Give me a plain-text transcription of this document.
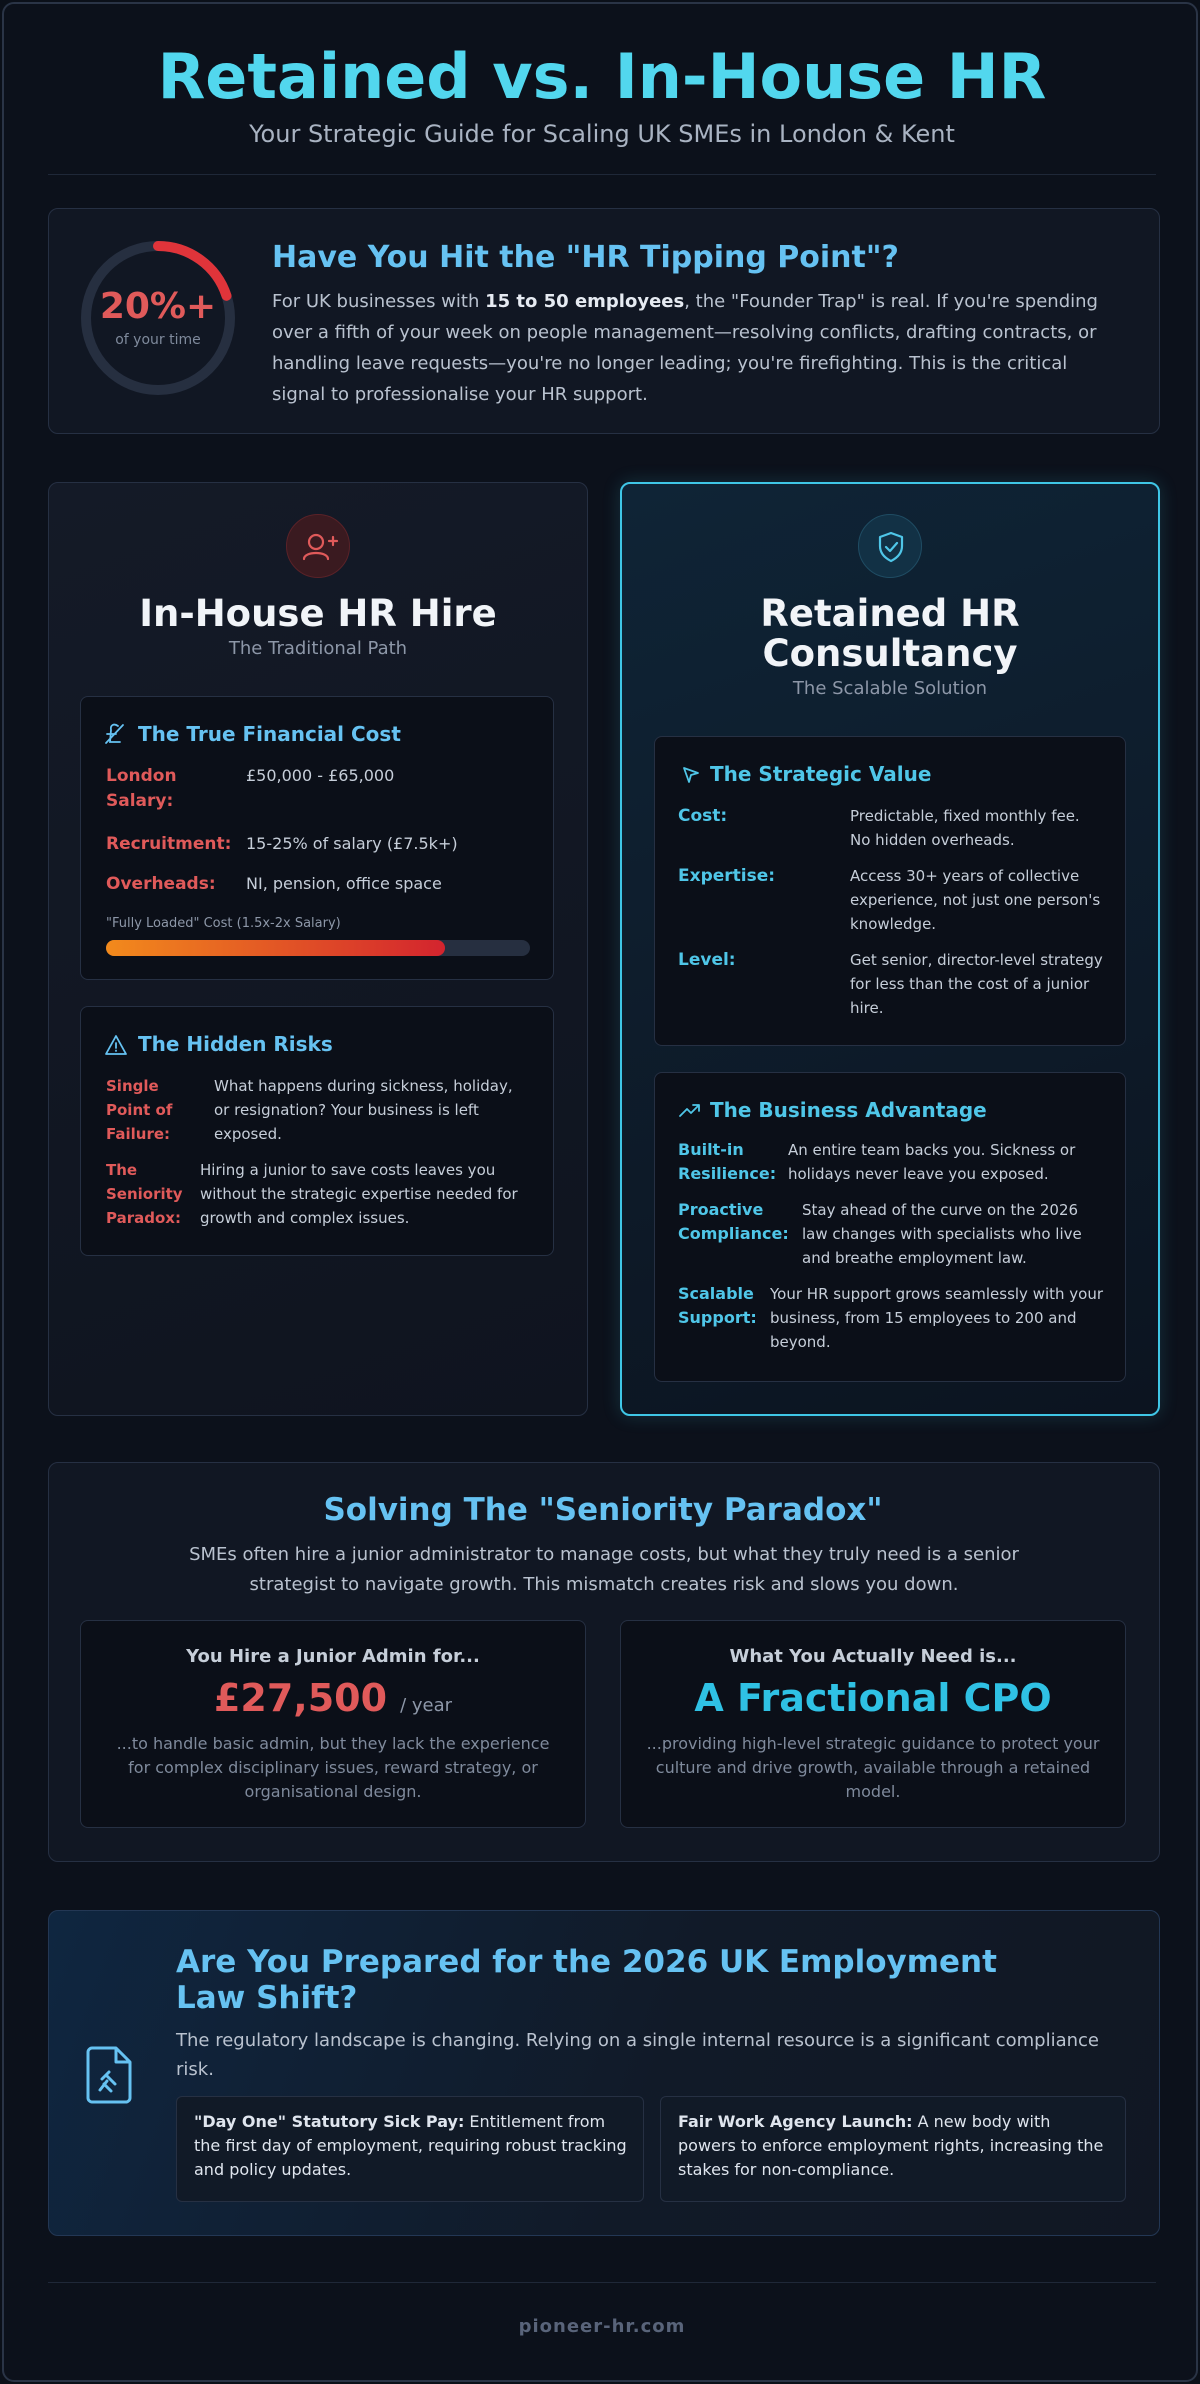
Retained vs. In-House HR
Your Strategic Guide for Scaling UK SMEs in London & Kent
20%+
of your time
Have You Hit the "HR Tipping Point"?
For UK businesses with 15 to 50 employees, the "Founder Trap" is real. If you're spending over a fifth of your week on people management—resolving conflicts, drafting contracts, or handling leave requests—you're no longer leading; you're firefighting. This is the critical signal to professionalise your HR support.
In-House HR Hire
The Traditional Path
The True Financial Cost
London Salary:
£50,000 - £65,000
Recruitment: 15-25% of salary (£7.5k+)
Overheads: NI, pension, office space
"Fully Loaded" Cost (1.5x-2x Salary)
The Hidden Risks
Single Point of Failure:
What happens during sickness, holiday, or resignation? Your business is left exposed.
The Seniority Paradox:
Hiring a junior to save costs leaves you without the strategic expertise needed for growth and complex issues.
Retained HR Consultancy
The Scalable Solution
The Strategic Value
Cost:	Predictable, fixed monthly fee. No hidden overheads.
Expertise:	Access 30+ years of collective experience, not just one person's knowledge.
Level:	Get senior, director-level strategy for less than the cost of a junior hire.
The Business Advantage
Built-in Resilience:
An entire team backs you. Sickness or holidays never leave you exposed.
Proactive Compliance:
Stay ahead of the curve on the 2026 law changes with specialists who live and breathe employment law.
Scalable Support:
Your HR support grows seamlessly with your business, from 15 employees to 200 and beyond.
Solving The "Seniority Paradox"
SMEs often hire a junior administrator to manage costs, but what they truly need is a senior strategist to navigate growth. This mismatch creates risk and slows you down.
You Hire a Junior Admin for...
£27,500 / year
...to handle basic admin, but they lack the experience for complex disciplinary issues, reward strategy, or organisational design.
What You Actually Need is...
A Fractional CPO
...providing high-level strategic guidance to protect your culture and drive growth, available through a retained model.
Are You Prepared for the 2026 UK Employment Law Shift?
The regulatory landscape is changing. Relying on a single internal resource is a significant compliance risk.
"Day One" Statutory Sick Pay: Entitlement from the first day of employment, requiring robust tracking and policy updates.
Fair Work Agency Launch: A new body with powers to enforce employment rights, increasing the stakes for non-compliance.
pioneer-hr.com
